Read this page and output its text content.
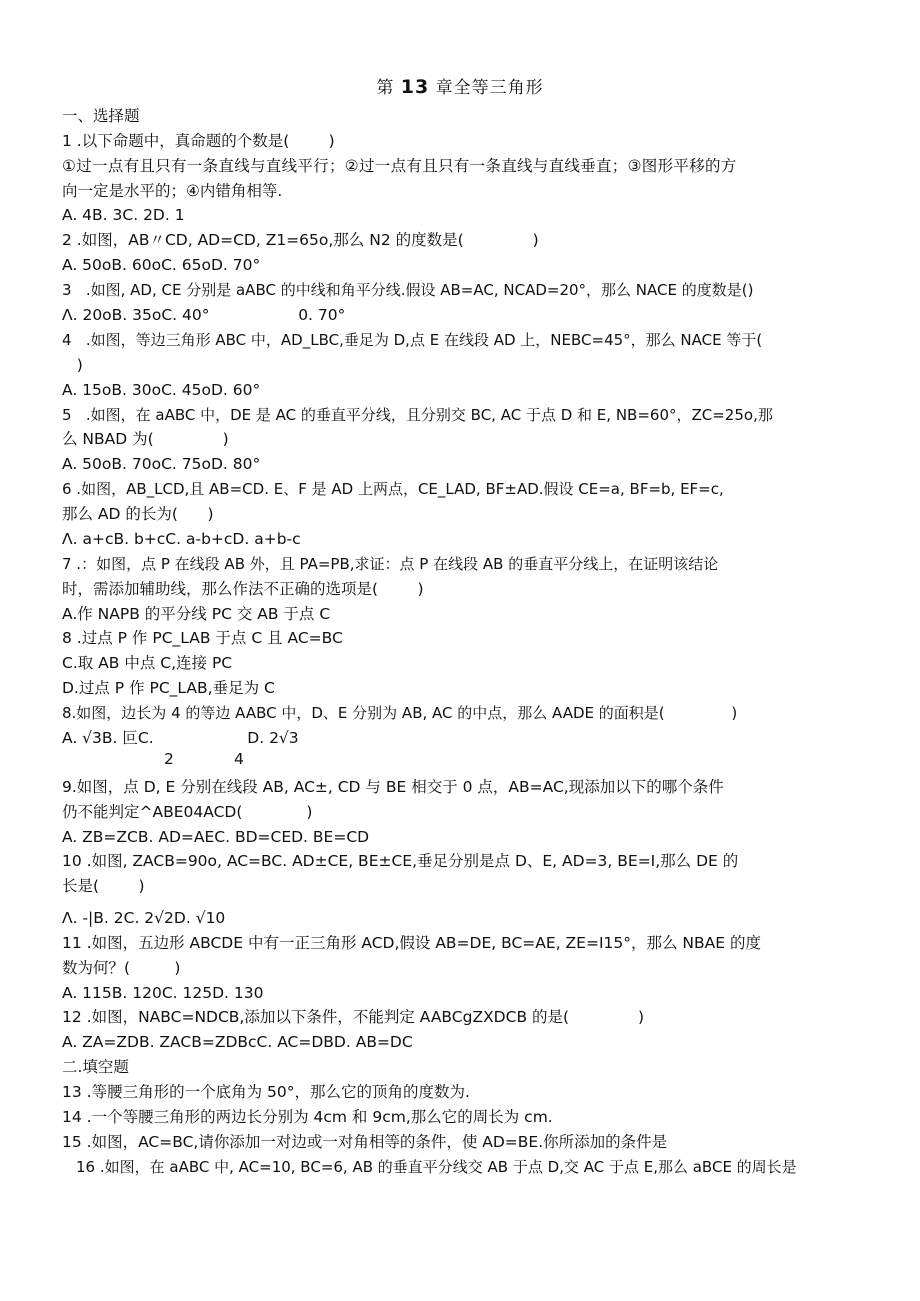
第 13 章全等三角形
一、选择题
1 .以下命题中，真命题的个数是(        )
①过一点有且只有一条直线与直线平行；②过一点有且只有一条直线与直线垂直；③图形平移的方
向一定是水平的；④内错角相等.
A. 4B. 3C. 2D. 1
2 .如图，AB〃CD, AD=CD, Z1=65o,那么 N2 的度数是(              )
A. 50oB. 60oC. 65oD. 70°
3   .如图, AD, CE 分别是 aABC 的中线和角平分线.假设 AB=AC, NCAD=20°，那么 NACE 的度数是()
Λ. 20oB. 35oC. 40°                  0. 70°
4   .如图，等边三角形 ABC 中，AD_LBC,垂足为 D,点 E 在线段 AD 上，NEBC=45°，那么 NACE 等于(
)
A. 15oB. 30oC. 45oD. 60°
5   .如图，在 aABC 中，DE 是 AC 的垂直平分线，且分别交 BC, AC 于点 D 和 E, NB=60°，ZC=25o,那
么 NBAD 为(              )
A. 50oB. 70oC. 75oD. 80°
6 .如图，AB_LCD,且 AB=CD. E、F 是 AD 上两点，CE_LAD, BF±AD.假设 CE=a, BF=b, EF=c,
那么 AD 的长为(      )
Λ. a+cB. b+cC. a-b+cD. a+b-c
7 .：如图，点 P 在线段 AB 外，且 PA=PB,求证：点 P 在线段 AB 的垂直平分线上，在证明该结论
时，需添加辅助线，那么作法不正确的选项是(        )
A.作 NAPB 的平分线 PC 交 AB 于点 C
8 .过点 P 作 PC_LAB 于点 C 且 AC=BC
C.取 AB 中点 C,连接 PC
D.过点 P 作 PC_LAB,垂足为 C
8.如图，边长为 4 的等边 AABC 中，D、E 分别为 AB, AC 的中点，那么 AADE 的面积是(              )
A. √3B. 叵C.                   D. 2√3
2	4
9.如图，点 D, E 分别在线段 AB, AC±, CD 与 BE 相交于 0 点，AB=AC,现添加以下的哪个条件
仍不能判定^ABE04ACD(             )
A. ZB=ZCB. AD=AEC. BD=CED. BE=CD
10 .如图, ZACB=90o, AC=BC. AD±CE, BE±CE,垂足分别是点 D、E, AD=3, BE=I,那么 DE 的
长是(        )
Λ. -|B. 2C. 2√2D. √10
11 .如图，五边形 ABCDE 中有一正三角形 ACD,假设 AB=DE, BC=AE, ZE=I15°，那么 NBAE 的度
数为何？(         )
A. 115B. 120C. 125D. 130
12 .如图，NABC=NDCB,添加以下条件，不能判定 AABCgZXDCB 的是(              )
A. ZA=ZDB. ZACB=ZDBcC. AC=DBD. AB=DC
二.填空题
13 .等腰三角形的一个底角为 50°，那么它的顶角的度数为.
14 .一个等腰三角形的两边长分别为 4cm 和 9cm,那么它的周长为 cm.
15 .如图，AC=BC,请你添加一对边或一对角相等的条件，使 AD=BE.你所添加的条件是
16 .如图，在 aABC 中, AC=10, BC=6, AB 的垂直平分线交 AB 于点 D,交 AC 于点 E,那么 aBCE 的周长是
